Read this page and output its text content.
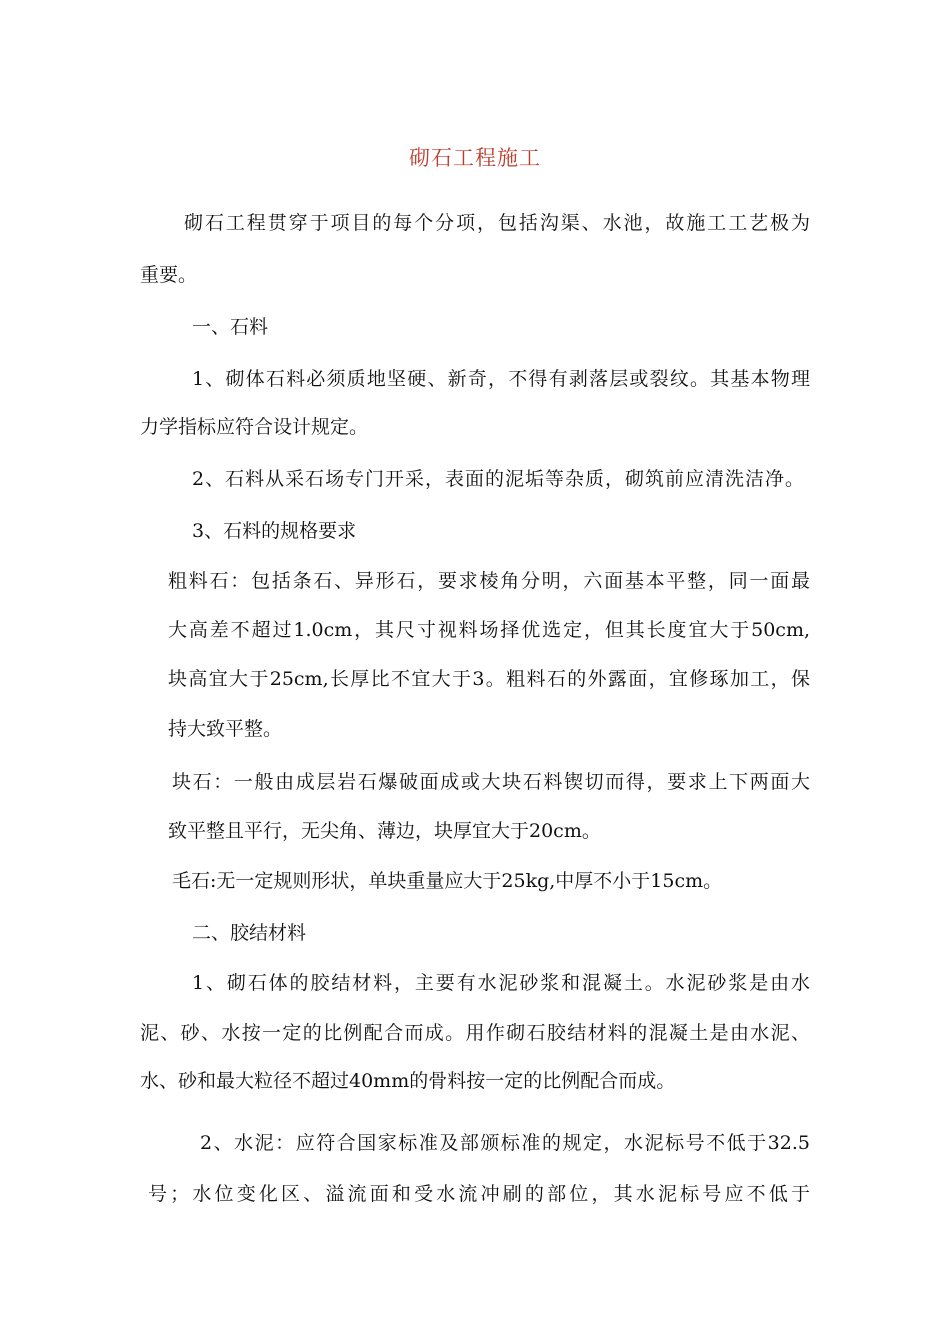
砌石工程施工
砌石工程贯穿于项目的每个分项，包括沟渠、水池，故施工工艺极为
重要。
一、石料
1、砌体石料必须质地坚硬、新奇，不得有剥落层或裂纹。其基本物理
力学指标应符合设计规定。
2、石料从采石场专门开采，表面的泥垢等杂质，砌筑前应清洗洁净。
3、石料的规格要求
粗料石：包括条石、异形石，要求棱角分明，六面基本平整，同一面最
大高差不超过1.0cm，其尺寸视料场择优选定，但其长度宜大于50cm,
块高宜大于25cm,长厚比不宜大于3。粗料石的外露面，宜修琢加工，保
持大致平整。
块石：一般由成层岩石爆破面成或大块石料锲切而得，要求上下两面大
致平整且平行，无尖角、薄边，块厚宜大于20cm。
毛石:无一定规则形状，单块重量应大于25kg,中厚不小于15cm。
二、胶结材料
1、砌石体的胶结材料，主要有水泥砂浆和混凝土。水泥砂浆是由水
泥、砂、水按一定的比例配合而成。用作砌石胶结材料的混凝土是由水泥、
水、砂和最大粒径不超过40mm的骨料按一定的比例配合而成。
2、水泥：应符合国家标准及部颁标准的规定，水泥标号不低于32.5
号；水位变化区、溢流面和受水流冲刷的部位，其水泥标号应不低于
